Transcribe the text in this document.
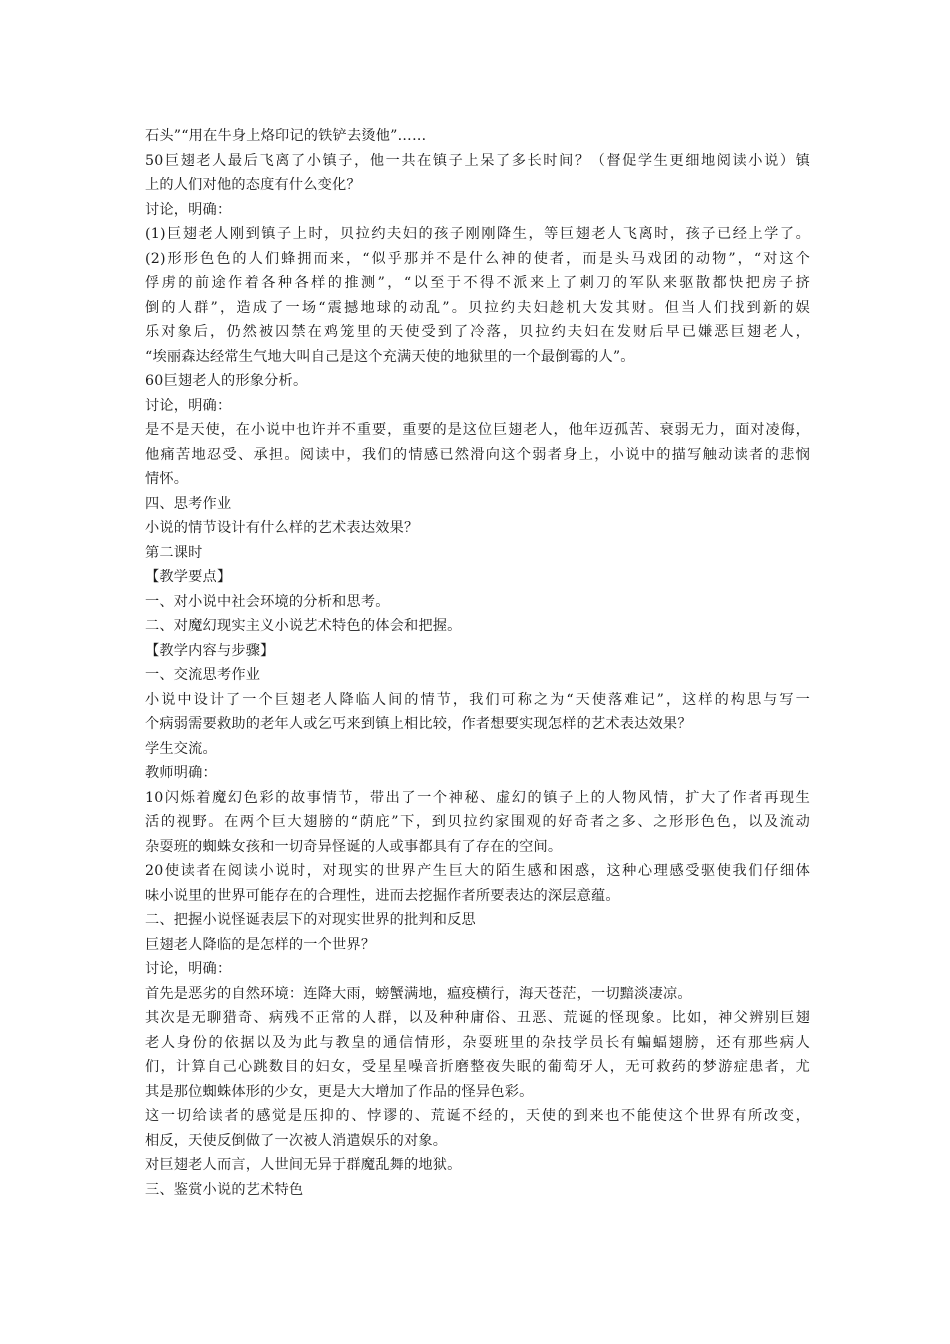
石头”“用在牛身上烙印记的铁铲去烫他”……
50巨翅老人最后飞离了小镇子，他一共在镇子上呆了多长时间？（督促学生更细地阅读小说）镇
上的人们对他的态度有什么变化？
讨论，明确：
(1)巨翅老人刚到镇子上时，贝拉约夫妇的孩子刚刚降生，等巨翅老人飞离时，孩子已经上学了。
(2)形形色色的人们蜂拥而来，“似乎那并不是什么神的使者，而是头马戏团的动物”，“对这个
俘虏的前途作着各种各样的推测”，“以至于不得不派来上了刺刀的军队来驱散都快把房子挤
倒的人群”，造成了一场“震撼地球的动乱”。贝拉约夫妇趁机大发其财。但当人们找到新的娱
乐对象后，仍然被囚禁在鸡笼里的天使受到了冷落，贝拉约夫妇在发财后早已嫌恶巨翅老人，
“埃丽森达经常生气地大叫自己是这个充满天使的地狱里的一个最倒霉的人”。
60巨翅老人的形象分析。
讨论，明确：
是不是天使，在小说中也许并不重要，重要的是这位巨翅老人，他年迈孤苦、衰弱无力，面对凌侮，
他痛苦地忍受、承担。阅读中，我们的情感已然滑向这个弱者身上，小说中的描写触动读者的悲悯
情怀。
四、思考作业
小说的情节设计有什么样的艺术表达效果？
第二课时
【教学要点】
一、对小说中社会环境的分析和思考。
二、对魔幻现实主义小说艺术特色的体会和把握。
【教学内容与步骤】
一、交流思考作业
小说中设计了一个巨翅老人降临人间的情节，我们可称之为“天使落难记”，这样的构思与写一
个病弱需要救助的老年人或乞丐来到镇上相比较，作者想要实现怎样的艺术表达效果？
学生交流。
教师明确：
10闪烁着魔幻色彩的故事情节，带出了一个神秘、虚幻的镇子上的人物风情，扩大了作者再现生
活的视野。在两个巨大翅膀的“荫庇”下，到贝拉约家围观的好奇者之多、之形形色色，以及流动
杂耍班的蜘蛛女孩和一切奇异怪诞的人或事都具有了存在的空间。
20使读者在阅读小说时，对现实的世界产生巨大的陌生感和困惑，这种心理感受驱使我们仔细体
味小说里的世界可能存在的合理性，进而去挖掘作者所要表达的深层意蕴。
二、把握小说怪诞表层下的对现实世界的批判和反思
巨翅老人降临的是怎样的一个世界？
讨论，明确：
首先是恶劣的自然环境：连降大雨，螃蟹满地，瘟疫横行，海天苍茫，一切黯淡凄凉。
其次是无聊猎奇、病残不正常的人群，以及种种庸俗、丑恶、荒诞的怪现象。比如，神父辨别巨翅
老人身份的依据以及为此与教皇的通信情形，杂耍班里的杂技学员长有蝙蝠翅膀，还有那些病人
们，计算自己心跳数目的妇女，受星星噪音折磨整夜失眠的葡萄牙人，无可救药的梦游症患者，尤
其是那位蜘蛛体形的少女，更是大大增加了作品的怪异色彩。
这一切给读者的感觉是压抑的、悖谬的、荒诞不经的，天使的到来也不能使这个世界有所改变，
相反，天使反倒做了一次被人消遣娱乐的对象。
对巨翅老人而言，人世间无异于群魔乱舞的地狱。
三、鉴赏小说的艺术特色
